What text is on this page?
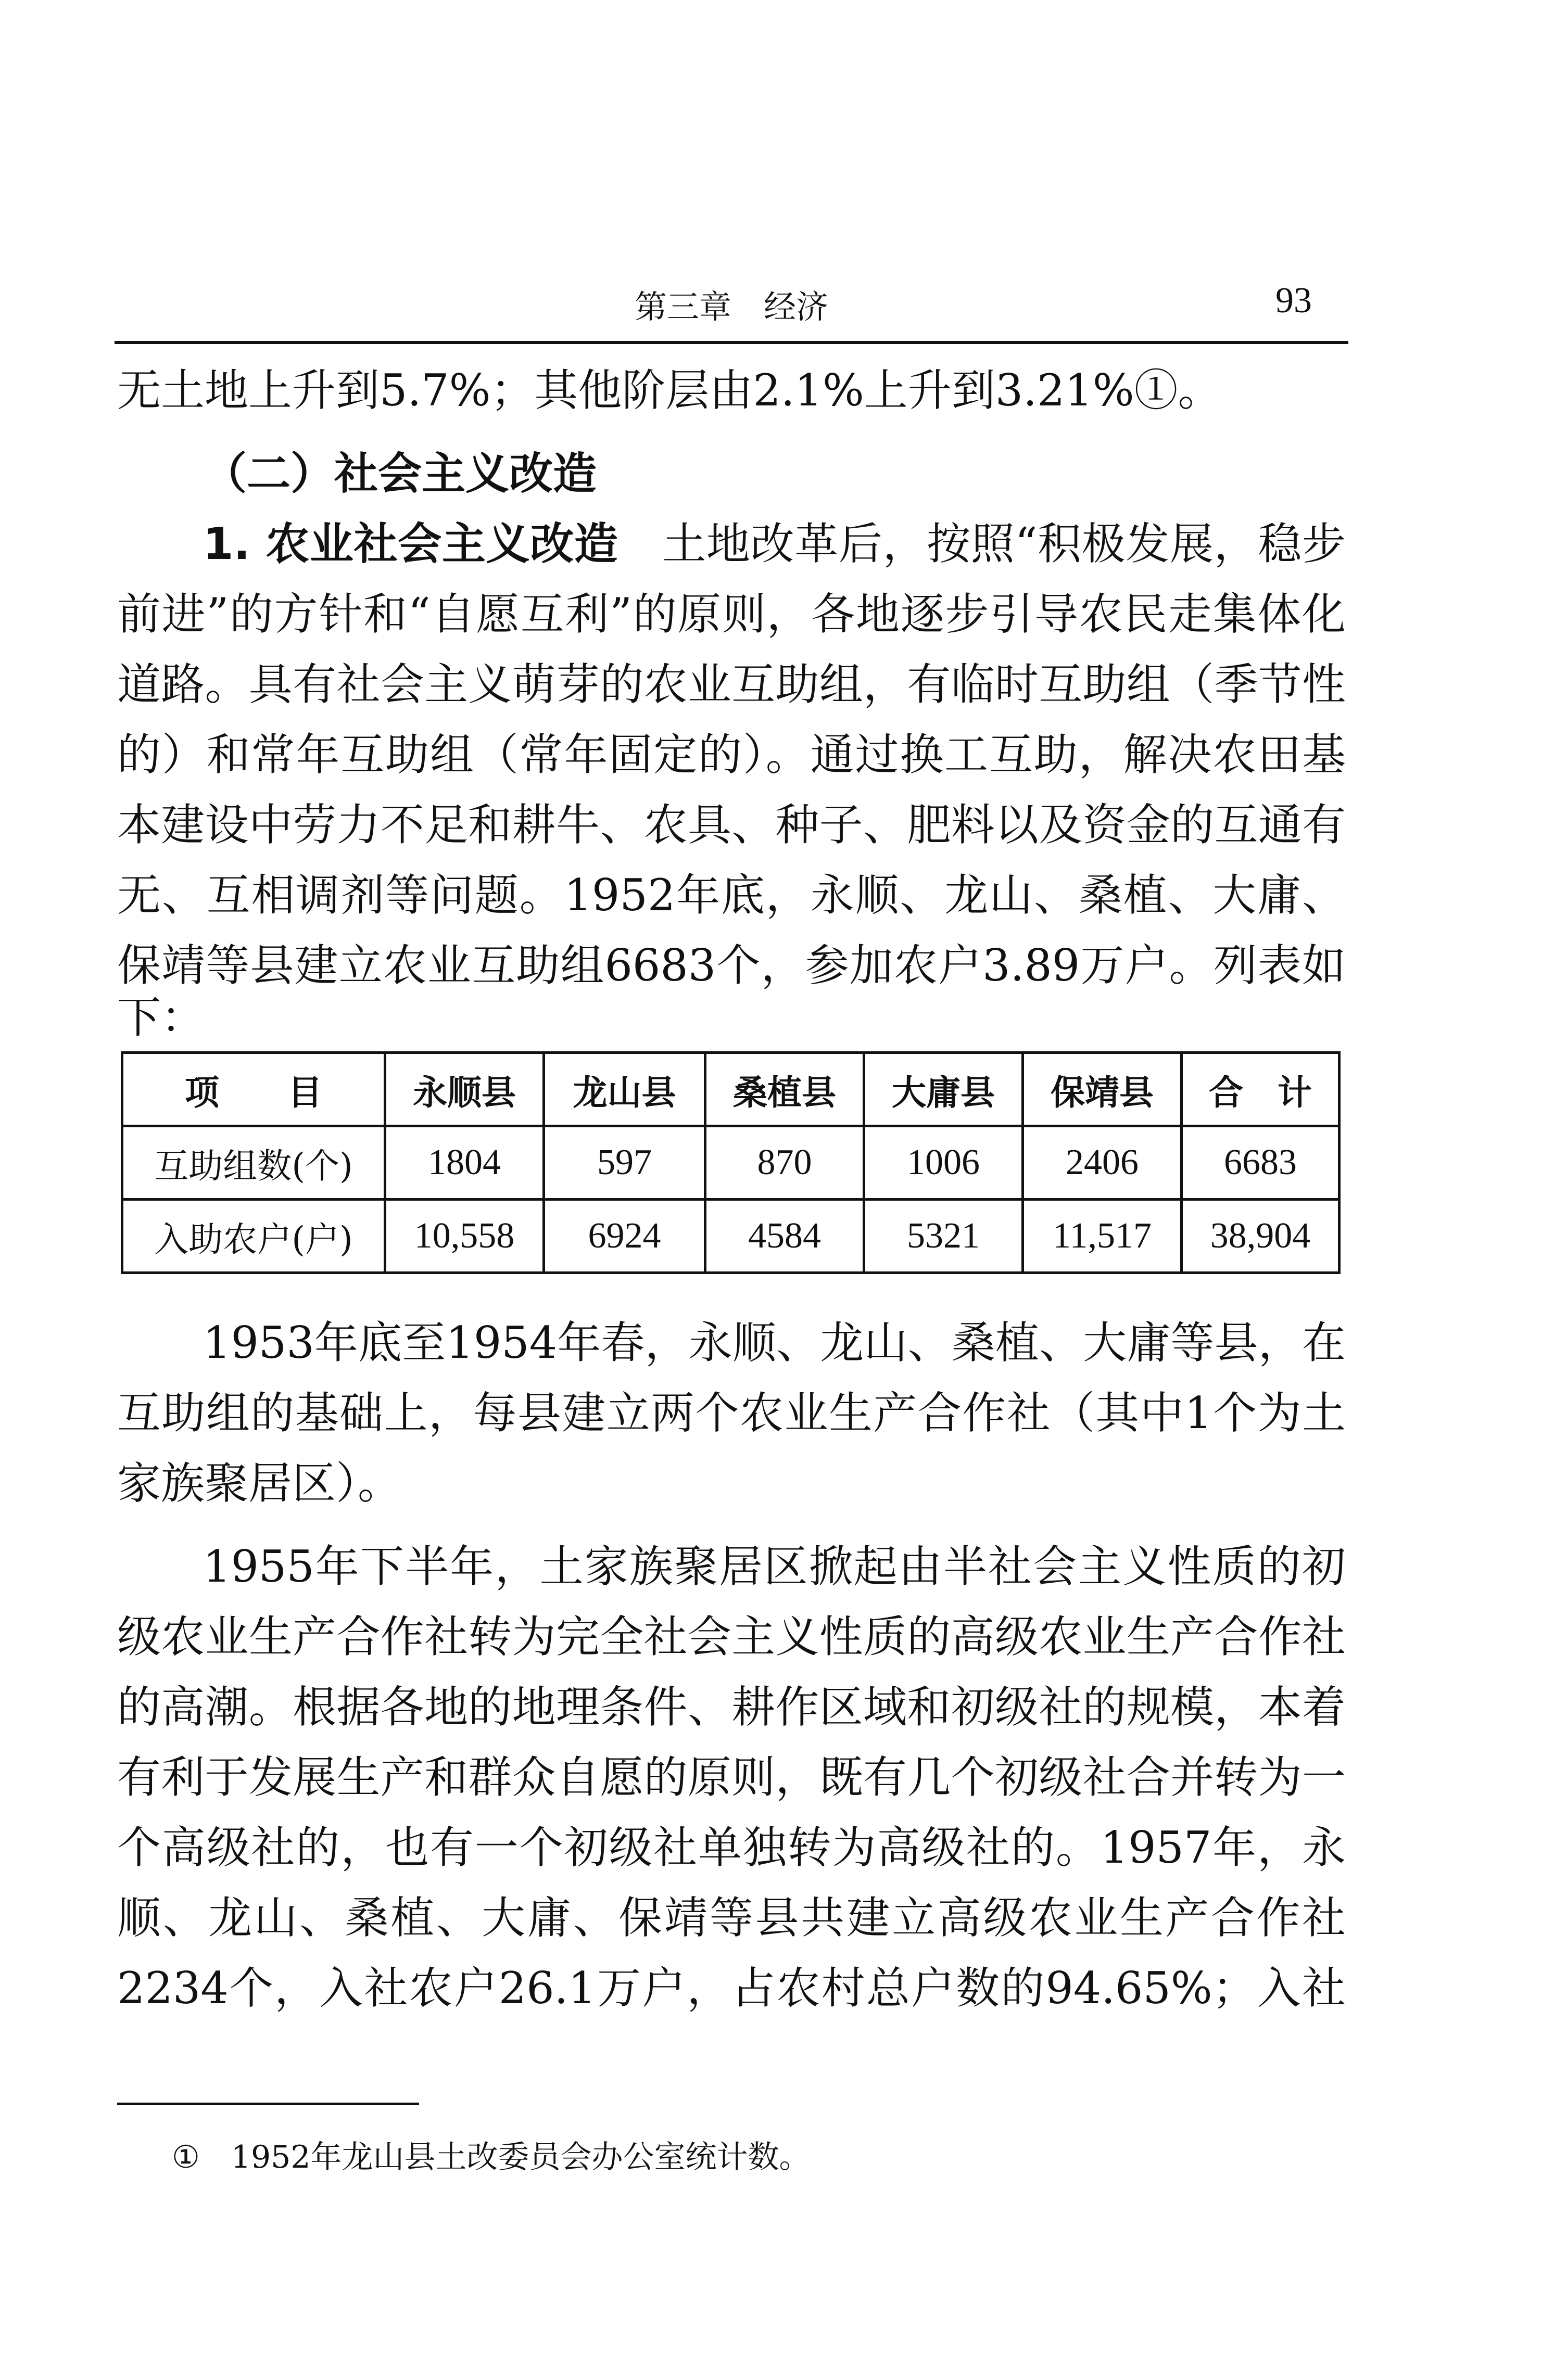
第三章　经济	93
无土地上升到5.7%；其他阶层由2.1%上升到3.21%①。
（二）社会主义改造
1. 农业社会主义改造　 土地改革后，按照“积极发展，稳步
前进”的方针和“自愿互利”的原则，各地逐步引导农民走集体化
道路。具有社会主义萌芽的农业互助组，有临时互助组（季节性
的）和常年互助组（常年固定的）。通过换工互助，解决农田基
本建设中劳力不足和耕牛、农具、种子、肥料以及资金的互通有
无、互相调剂等问题。1952年底，永顺、龙山、桑植、大庸、
保靖等县建立农业互助组6683个，参加农户3.89万户。列表如
下：
项　　目	永顺县	龙山县	桑植县	大庸县	保靖县	合　计
互助组数(个)	1804	597	870	1006	2406	6683
入助农户(户)	10,558	6924	4584	5321	11,517	38,904
1953年底至1954年春，永顺、龙山、桑植、大庸等县，在
互助组的基础上，每县建立两个农业生产合作社（其中1个为土
家族聚居区）。
1955年下半年，土家族聚居区掀起由半社会主义性质的初
级农业生产合作社转为完全社会主义性质的高级农业生产合作社
的高潮。根据各地的地理条件、耕作区域和初级社的规模，本着
有利于发展生产和群众自愿的原则，既有几个初级社合并转为一
个高级社的，也有一个初级社单独转为高级社的。1957年，永
顺、龙山、桑植、大庸、保靖等县共建立高级农业生产合作社
2234个，入社农户26.1万户，占农村总户数的94.65%；入社
① 1952年龙山县土改委员会办公室统计数。
